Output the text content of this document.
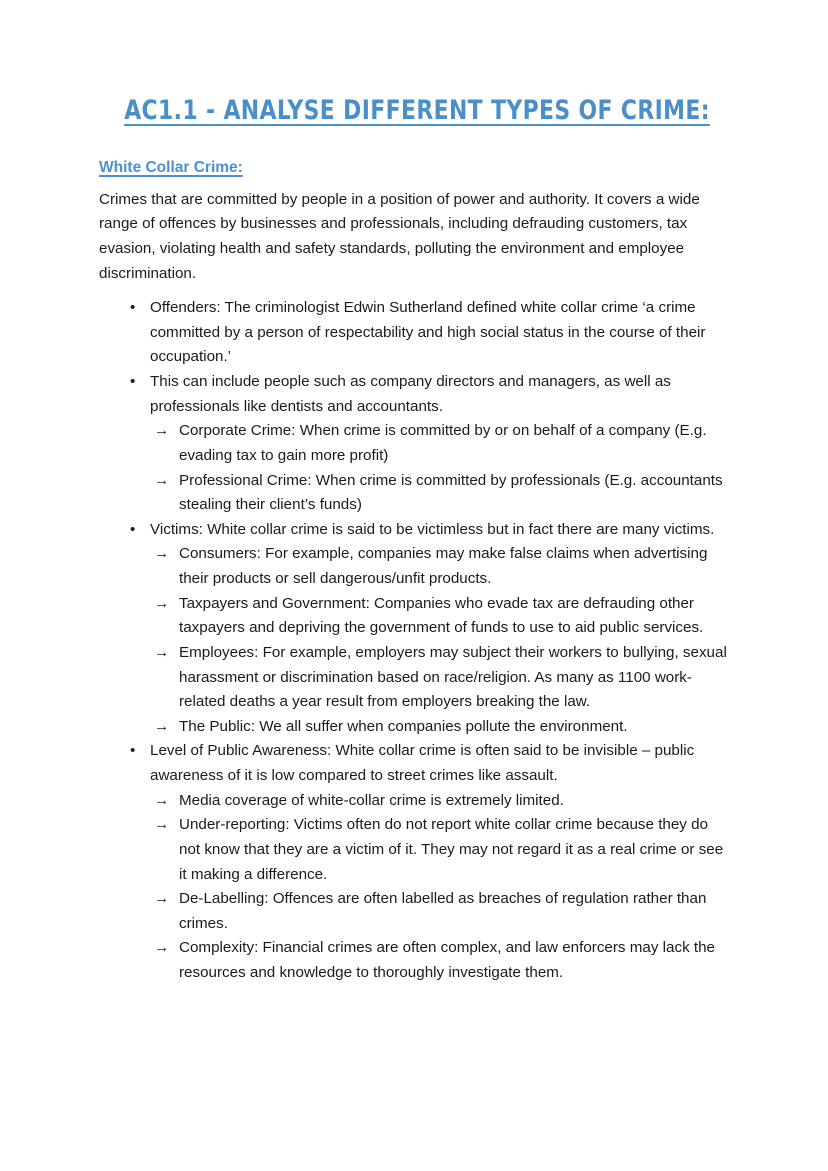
AC1.1 - ANALYSE DIFFERENT TYPES OF CRIME:
White Collar Crime:

Crimes that are committed by people in a position of power and authority. It covers a wide range of offences by businesses and professionals, including defrauding customers, tax evasion, violating health and safety standards, polluting the environment and employee discrimination.

• Offenders: The criminologist Edwin Sutherland defined white collar crime ‘a crime committed by a person of respectability and high social status in the course of their occupation.’
• This can include people such as company directors and managers, as well as professionals like dentists and accountants.
→ Corporate Crime: When crime is committed by or on behalf of a company (E.g. evading tax to gain more profit)
→ Professional Crime: When crime is committed by professionals (E.g. accountants stealing their client’s funds)
• Victims: White collar crime is said to be victimless but in fact there are many victims.
→ Consumers: For example, companies may make false claims when advertising their products or sell dangerous/unfit products.
→ Taxpayers and Government: Companies who evade tax are defrauding other taxpayers and depriving the government of funds to use to aid public services.
→ Employees: For example, employers may subject their workers to bullying, sexual harassment or discrimination based on race/religion. As many as 1100 work-related deaths a year result from employers breaking the law.
→ The Public: We all suffer when companies pollute the environment.
• Level of Public Awareness: White collar crime is often said to be invisible – public awareness of it is low compared to street crimes like assault.
→ Media coverage of white-collar crime is extremely limited.
→ Under-reporting: Victims often do not report white collar crime because they do not know that they are a victim of it. They may not regard it as a real crime or see it making a difference.
→ De-Labelling: Offences are often labelled as breaches of regulation rather than crimes.
→ Complexity: Financial crimes are often complex, and law enforcers may lack the resources and knowledge to thoroughly investigate them.
